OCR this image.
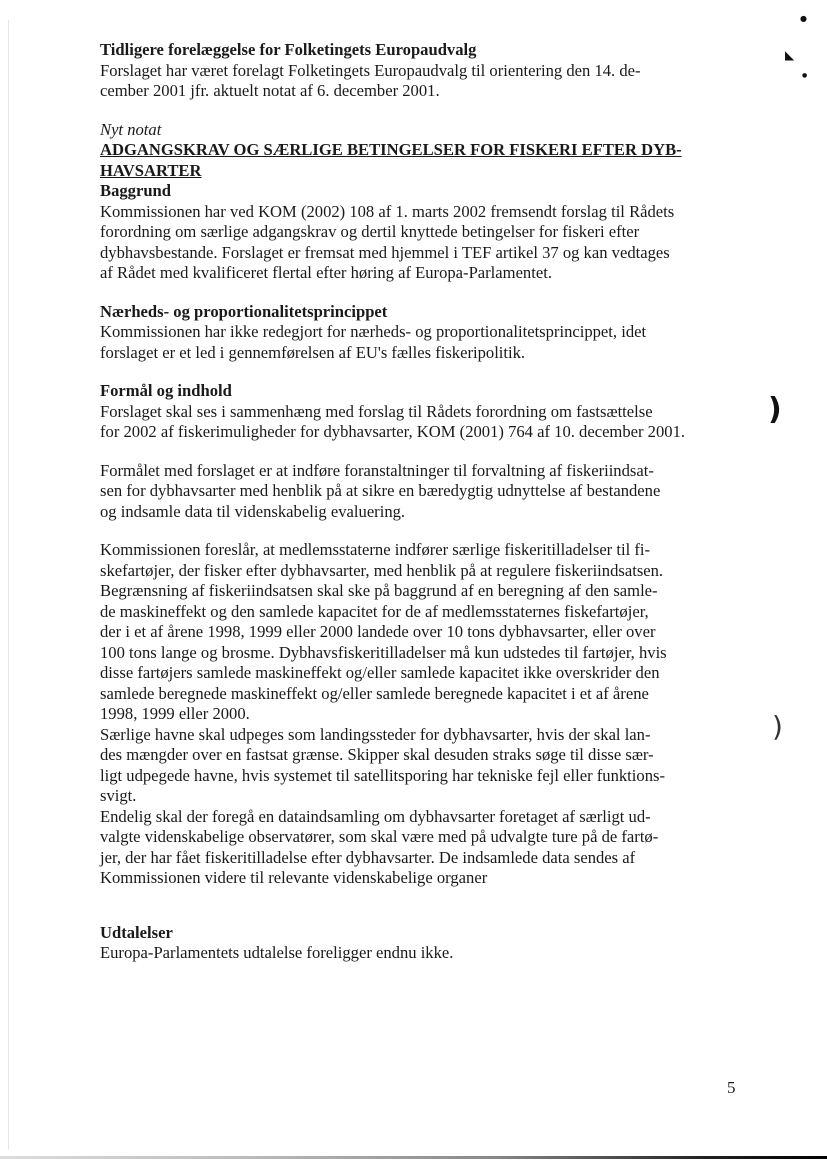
Tidligere forelæggelse for Folketingets Europaudvalg

Forslaget har været forelagt Folketingets Europaudvalg til orientering den 14. de-
cember 2001 jfr. aktuelt notat af 6. december 2001.

Nyt notat

ADGANGSKRAV OG SÆRLIGE BETINGELSER FOR FISKERI EFTER DYB-
HAVSARTER

Baggrund

Kommissionen har ved KOM (2002) 108 af 1. marts 2002 fremsendt forslag til Rådets
forordning om særlige adgangskrav og dertil knyttede betingelser for fiskeri efter
dybhavsbestande. Forslaget er fremsat med hjemmel i TEF artikel 37 og kan vedtages
af Rådet med kvalificeret flertal efter høring af Europa-Parlamentet.

Nærheds- og proportionalitetsprincippet

Kommissionen har ikke redegjort for nærheds- og proportionalitetsprincippet, idet
forslaget er et led i gennemførelsen af EU's fælles fiskeripolitik.

Formål og indhold

Forslaget skal ses i sammenhæng med forslag til Rådets forordning om fastsættelse
for 2002 af fiskerimuligheder for dybhavsarter, KOM (2001) 764 af 10. december 2001.

Formålet med forslaget er at indføre foranstaltninger til forvaltning af fiskeriindsat-
sen for dybhavsarter med henblik på at sikre en bæredygtig udnyttelse af bestandene
og indsamle data til videnskabelig evaluering.

Kommissionen foreslår, at medlemsstaterne indfører særlige fiskeritilladelser til fi-
skefartøjer, der fisker efter dybhavsarter, med henblik på at regulere fiskeriindsatsen.

Begrænsning af fiskeriindsatsen skal ske på baggrund af en beregning af den samle-
de maskineffekt og den samlede kapacitet for de af medlemsstaternes fiskefartøjer,
der i et af årene 1998, 1999 eller 2000 landede over 10 tons dybhavsarter, eller over
100 tons lange og brosme. Dybhavsfiskeritilladelser må kun udstedes til fartøjer, hvis
disse fartøjers samlede maskineffekt og/eller samlede kapacitet ikke overskrider den
samlede beregnede maskineffekt og/eller samlede beregnede kapacitet i et af årene
1998, 1999 eller 2000.

Særlige havne skal udpeges som landingssteder for dybhavsarter, hvis der skal lan-
des mængder over en fastsat grænse. Skipper skal desuden straks søge til disse sær-
ligt udpegede havne, hvis systemet til satellitsporing har tekniske fejl eller funktions-
svigt.

Endelig skal der foregå en dataindsamling om dybhavsarter foretaget af særligt ud-
valgte videnskabelige observatører, som skal være med på udvalgte ture på de fartø-
jer, der har fået fiskeritilladelse efter dybhavsarter. De indsamlede data sendes af
Kommissionen videre til relevante videnskabelige organer

Udtalelser

Europa-Parlamentets udtalelse foreligger endnu ikke.

5
●
◣
●
)
)
